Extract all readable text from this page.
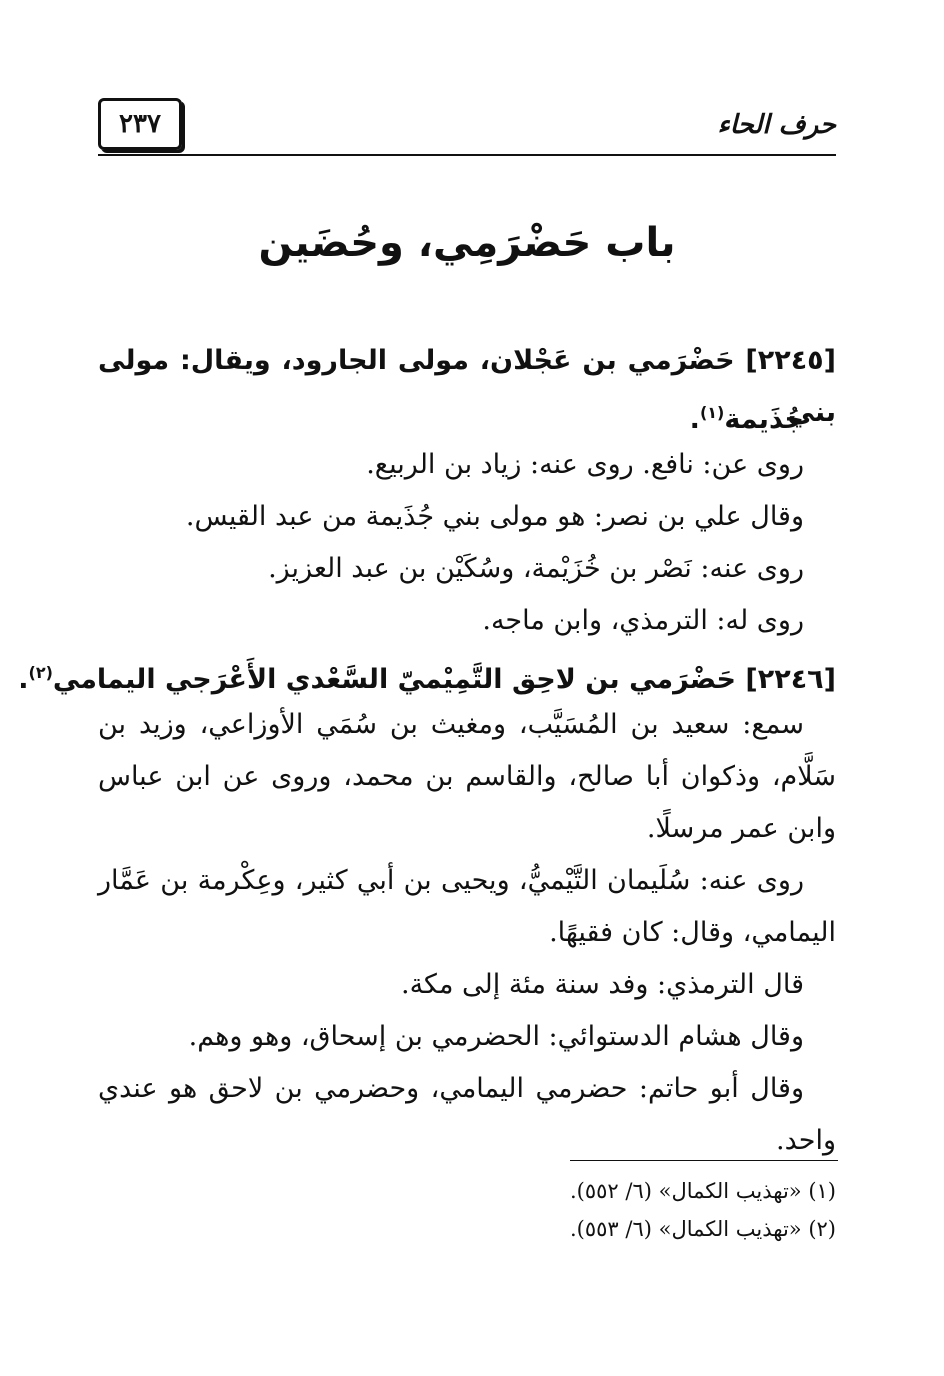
حرف الحاء
٢٣٧
باب حَضْرَمِي، وحُضَين
[٢٢٤٥] حَضْرَمي بن عَجْلان، مولى الجارود، ويقال: مولى بني
جُذَيمة$^{(١)}$.
روى عن: نافع. روى عنه: زياد بن الربيع.
وقال علي بن نصر: هو مولى بني جُذَيمة من عبد القيس.
روى عنه: نَصْر بن خُزَيْمة، وسُكَيْن بن عبد العزيز.
روى له: الترمذي، وابن ماجه.
[٢٢٤٦] حَضْرَمي بن لاحِق التَّمِيْميّ السَّعْدي الأَعْرَجي اليمامي$^{(٢)}$.
سمع: سعيد بن المُسَيَّب، ومغيث بن سُمَي الأوزاعي، وزيد بن
سَلَّام، وذكوان أبا صالح، والقاسم بن محمد، وروى عن ابن عباس
وابن عمر مرسلًا.
روى عنه: سُلَيمان التَّيْميُّ، ويحيى بن أبي كثير، وعِكْرمة بن عَمَّار
اليمامي، وقال: كان فقيهًا.
قال الترمذي: وفد سنة مئة إلى مكة.
وقال هشام الدستوائي: الحضرمي بن إسحاق، وهو وهم.
وقال أبو حاتم: حضرمي اليمامي، وحضرمي بن لاحق هو عندي
واحد.
(١) «تهذيب الكمال» (٦/ ٥٥٢).
(٢) «تهذيب الكمال» (٦/ ٥٥٣).
